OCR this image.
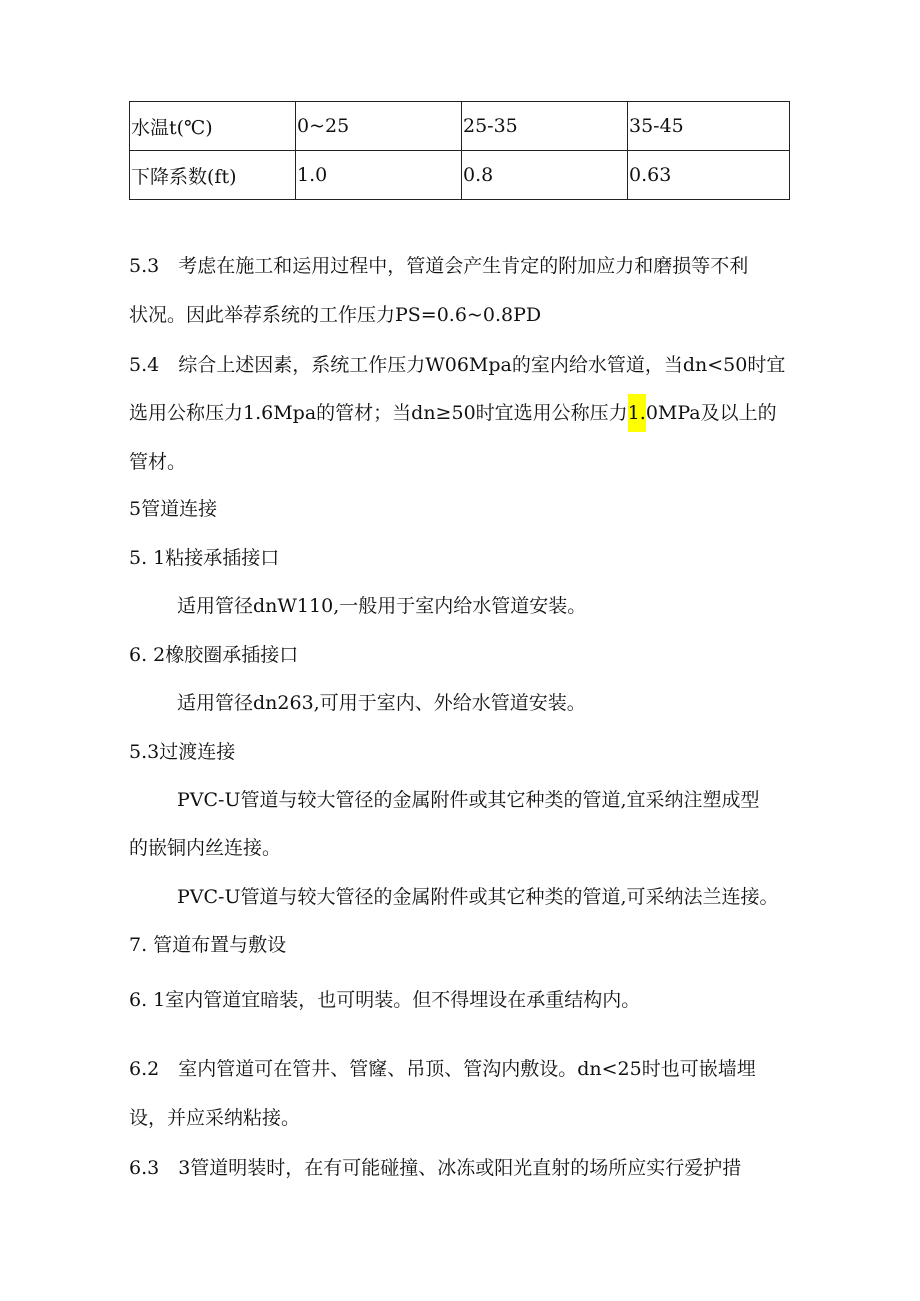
水温t(℃)	0~25	25-35	35-45
下降系数(ft)	1.0	0.8	0.63
5.3　考虑在施工和运用过程中，管道会产生肯定的附加应力和磨损等不利
状况。因此举荐系统的工作压力PS=0.6~0.8PD
5.4　综合上述因素，系统工作压力W06Mpa的室内给水管道，当dn<50时宜
选用公称压力1.6Mpa的管材；当dn≥50时宜选用公称压力1.0MPa及以上的
管材。
5管道连接
5. 1粘接承插接口
适用管径dnW110,一般用于室内给水管道安装。
6. 2橡胶圈承插接口
适用管径dn263,可用于室内、外给水管道安装。
5.3过渡连接
PVC-U管道与较大管径的金属附件或其它种类的管道,宜采纳注塑成型
的嵌铜内丝连接。
PVC-U管道与较大管径的金属附件或其它种类的管道,可采纳法兰连接。
7. 管道布置与敷设
6. 1室内管道宜暗装，也可明装。但不得埋设在承重结构内。
6.2　室内管道可在管井、管窿、吊顶、管沟内敷设。dn<25时也可嵌墙埋
设，并应采纳粘接。
6.3　3管道明装时，在有可能碰撞、冰冻或阳光直射的场所应实行爱护措
